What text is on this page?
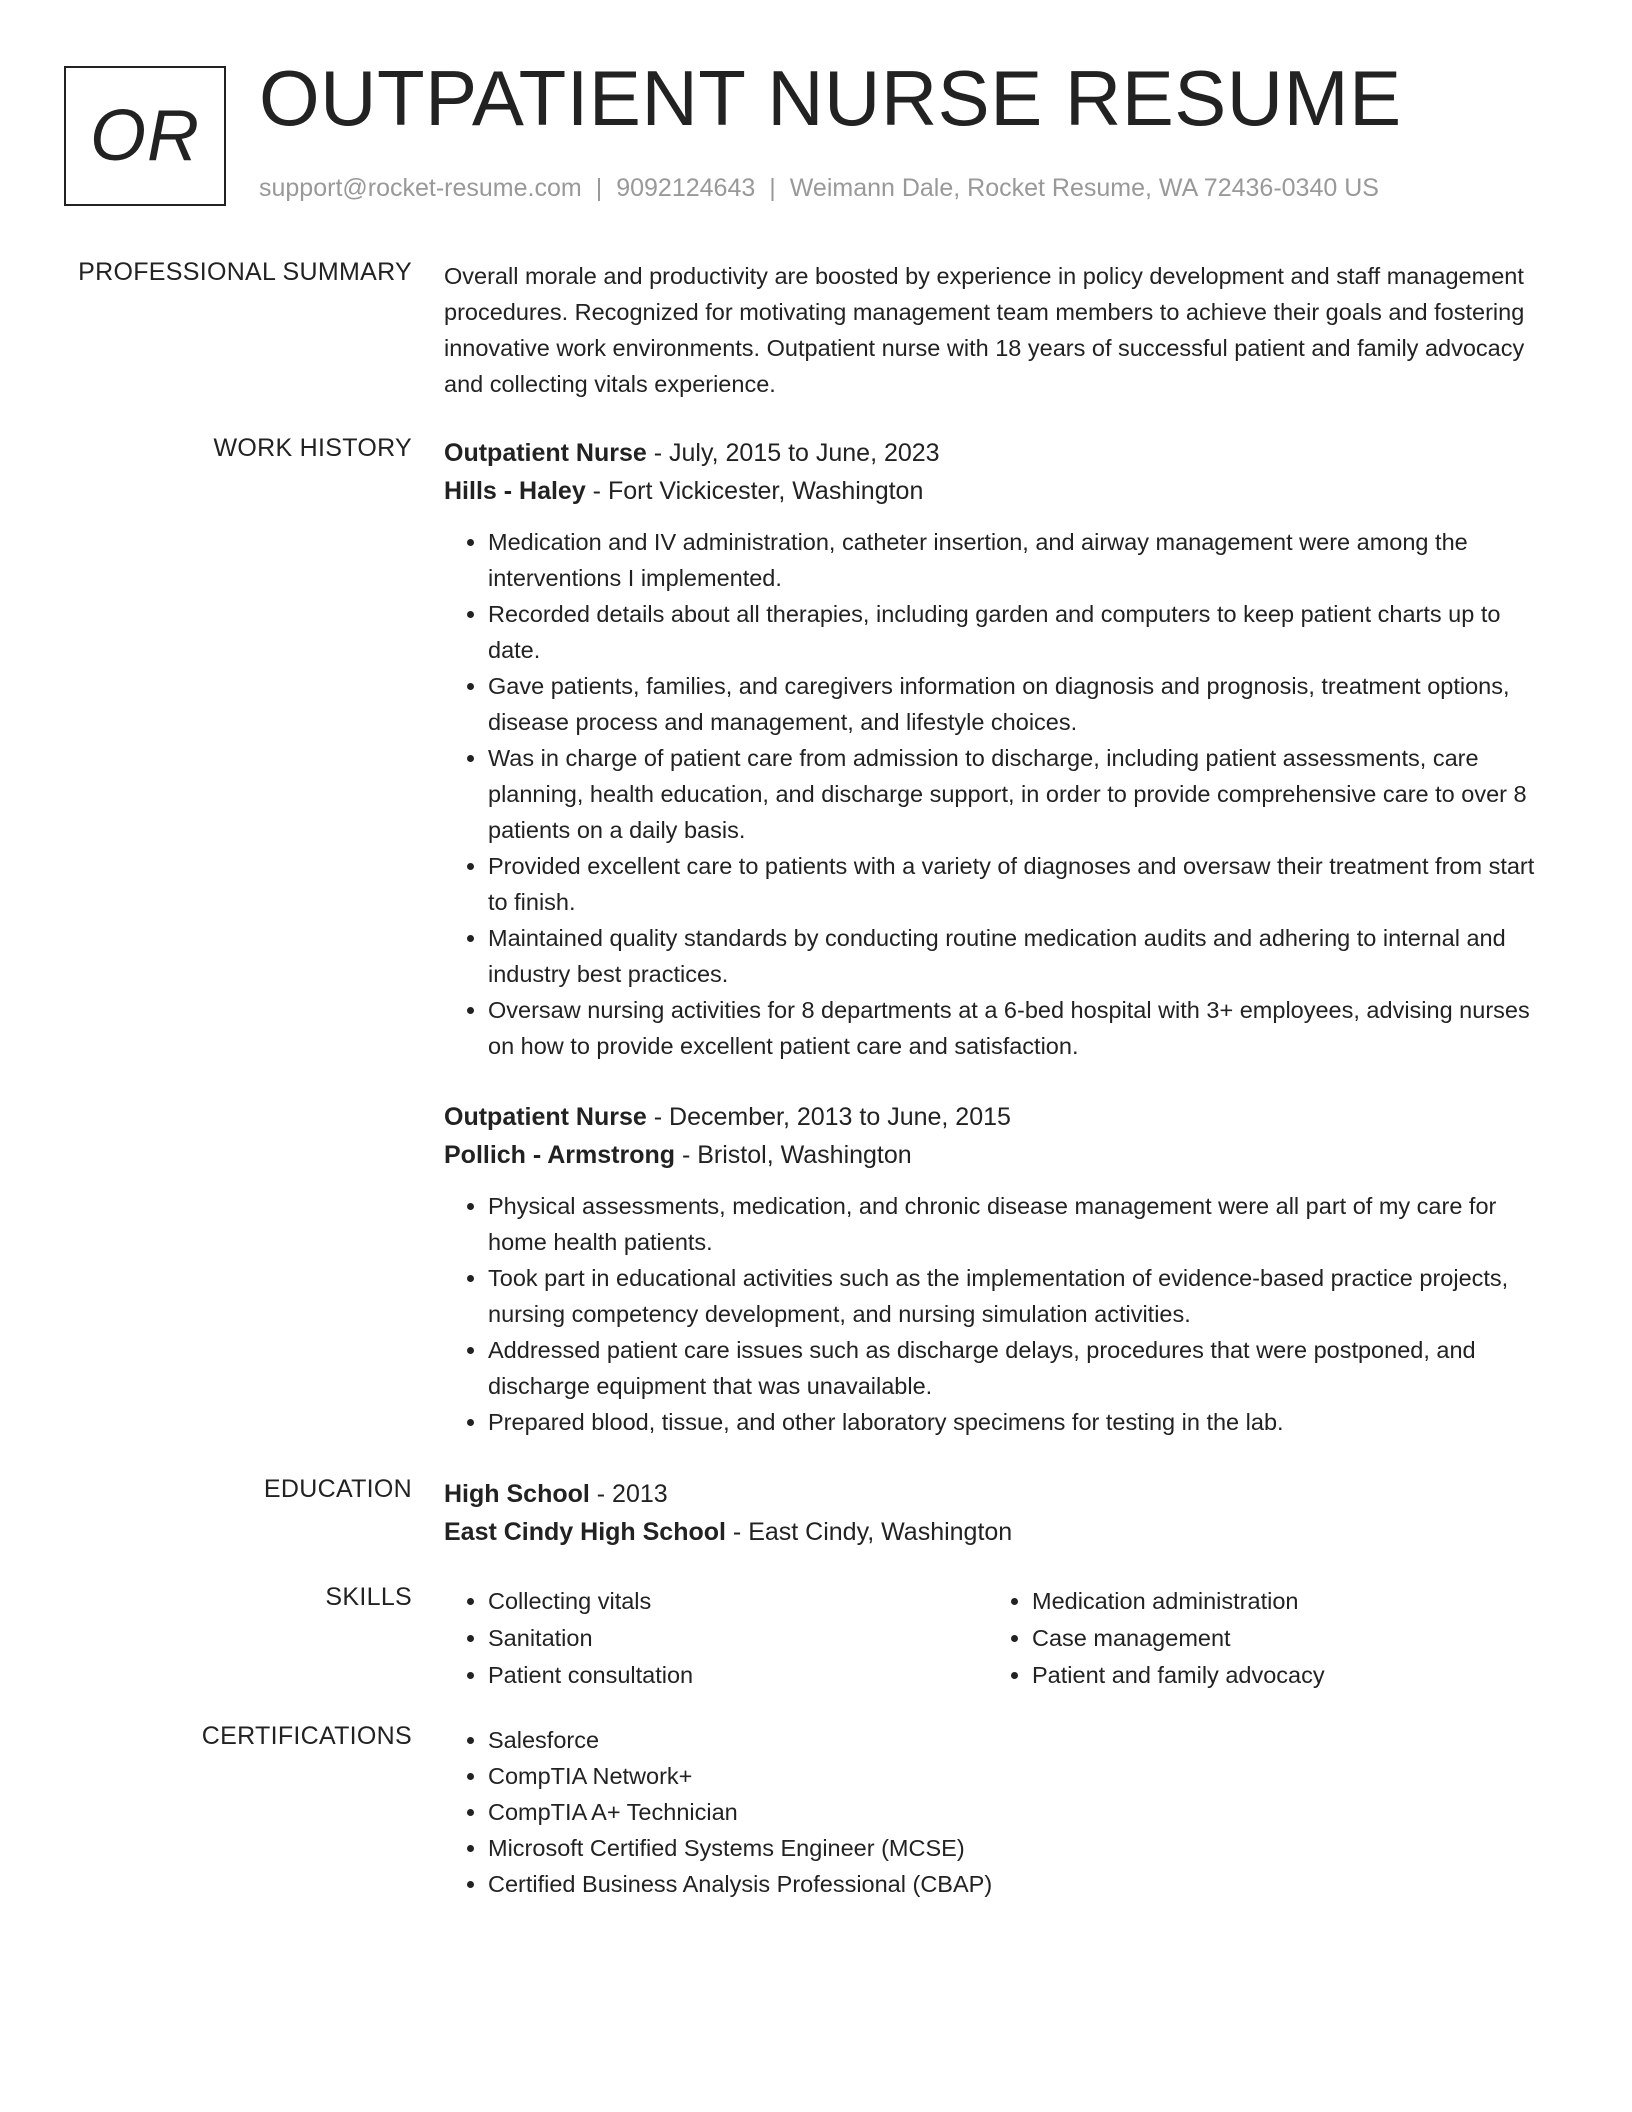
OR OUTPATIENT NURSE RESUME
support@rocket-resume.com | 9092124643 | Weimann Dale, Rocket Resume, WA 72436-0340 US
PROFESSIONAL SUMMARY Overall morale and productivity are boosted by experience in policy development and staff management procedures. Recognized for motivating management team members to achieve their goals and fostering innovative work environments. Outpatient nurse with 18 years of successful patient and family advocacy and collecting vitals experience.

WORK HISTORY Outpatient Nurse - July, 2015 to June, 2023
Hills - Haley - Fort Vickicester, Washington
• Medication and IV administration, catheter insertion, and airway management were among the interventions I implemented.
• Recorded details about all therapies, including garden and computers to keep patient charts up to date.
• Gave patients, families, and caregivers information on diagnosis and prognosis, treatment options, disease process and management, and lifestyle choices.
• Was in charge of patient care from admission to discharge, including patient assessments, care planning, health education, and discharge support, in order to provide comprehensive care to over 8 patients on a daily basis.
• Provided excellent care to patients with a variety of diagnoses and oversaw their treatment from start to finish.
• Maintained quality standards by conducting routine medication audits and adhering to internal and industry best practices.
• Oversaw nursing activities for 8 departments at a 6-bed hospital with 3+ employees, advising nurses on how to provide excellent patient care and satisfaction.
Outpatient Nurse - December, 2013 to June, 2015
Pollich - Armstrong - Bristol, Washington
• Physical assessments, medication, and chronic disease management were all part of my care for home health patients.
• Took part in educational activities such as the implementation of evidence-based practice projects, nursing competency development, and nursing simulation activities.
• Addressed patient care issues such as discharge delays, procedures that were postponed, and discharge equipment that was unavailable.
• Prepared blood, tissue, and other laboratory specimens for testing in the lab.
EDUCATION High School - 2013
East Cindy High School - East Cindy, Washington
SKILLS	• Collecting vitals
• Sanitation
• Patient consultation
• Medication administration
• Case management
• Patient and family advocacy
CERTIFICATIONS	• Salesforce
• CompTIA Network+
• CompTIA A+ Technician
• Microsoft Certified Systems Engineer (MCSE)
• Certified Business Analysis Professional (CBAP)
